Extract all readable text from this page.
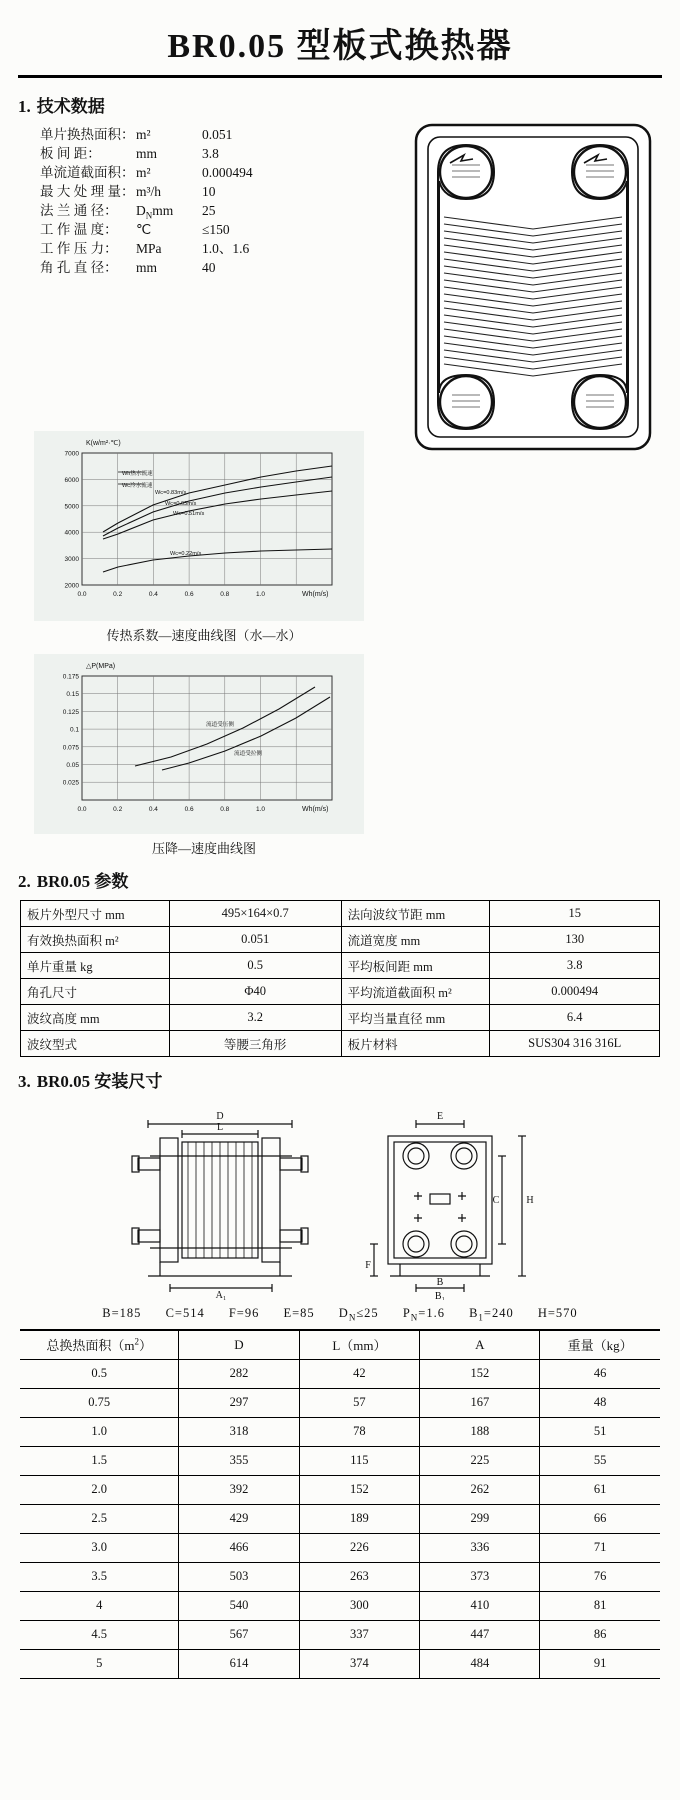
BR0.05 型板式换热器
1. 技术数据
单片换热面积： m²	0.051
板 间 距：	mm	3.8
单流道截面积： m²	0.000494
最 大 处 理 量： m³/h	10
法 兰 通 径：	$D_Nmm$	25
工 作 温 度：	℃	≤150
工 作 压 力：	MPa	1.0、1.6
角 孔 直 径：	mm	40
7000
6000
5000
4000
3000
2000
0.0	0.2	0.4	0.6	0.8	1.0
K(w/m²·℃)
Wh(m/s)
Wh热水流速
Wc冷水流速
Wc=0.83m/s
Wc=0.63m/s
Wc=0.51m/s
Wc=0.22m/s
传热系数—速度曲线图（水—水）
0.175
0.15
0.125
0.1
0.075
0.05
0.025
0.0	0.2	0.4	0.6	0.8	1.0
△P(MPa)
Wh(m/s)
流道受压侧
流道受拉侧
压降—速度曲线图
2. BR0.05 参数
板片外型尺寸 mm	495×164×0.7	法向波纹节距 mm	15
有效换热面积 m²	0.051	流道宽度 mm	130
单片重量 kg	0.5	平均板间距 mm	3.8
角孔尺寸	Φ40	平均流道截面积 m²	0.000494
波纹高度 mm	3.2	平均当量直径 mm	6.4
波纹型式	等腰三角形	板片材料	SUS304 316 316L
3. BR0.05 安装尺寸
D
L
A₁
E
C	H
F
B
B₁
B=185 C=514 F=96 E=85 $D_N\le 25$ $P_N=1.6$ $B_1=240$ H=570
总换热面积$(m^2)$	D	L（mm）	A	重量（kg）
0.5	282	42	152	46
0.75	297	57	167	48
1.0	318	78	188	51
1.5	355	115	225	55
2.0	392	152	262	61
2.5	429	189	299	66
3.0	466	226	336	71
3.5	503	263	373	76
4	540	300	410	81
4.5	567	337	447	86
5	614	374	484	91
